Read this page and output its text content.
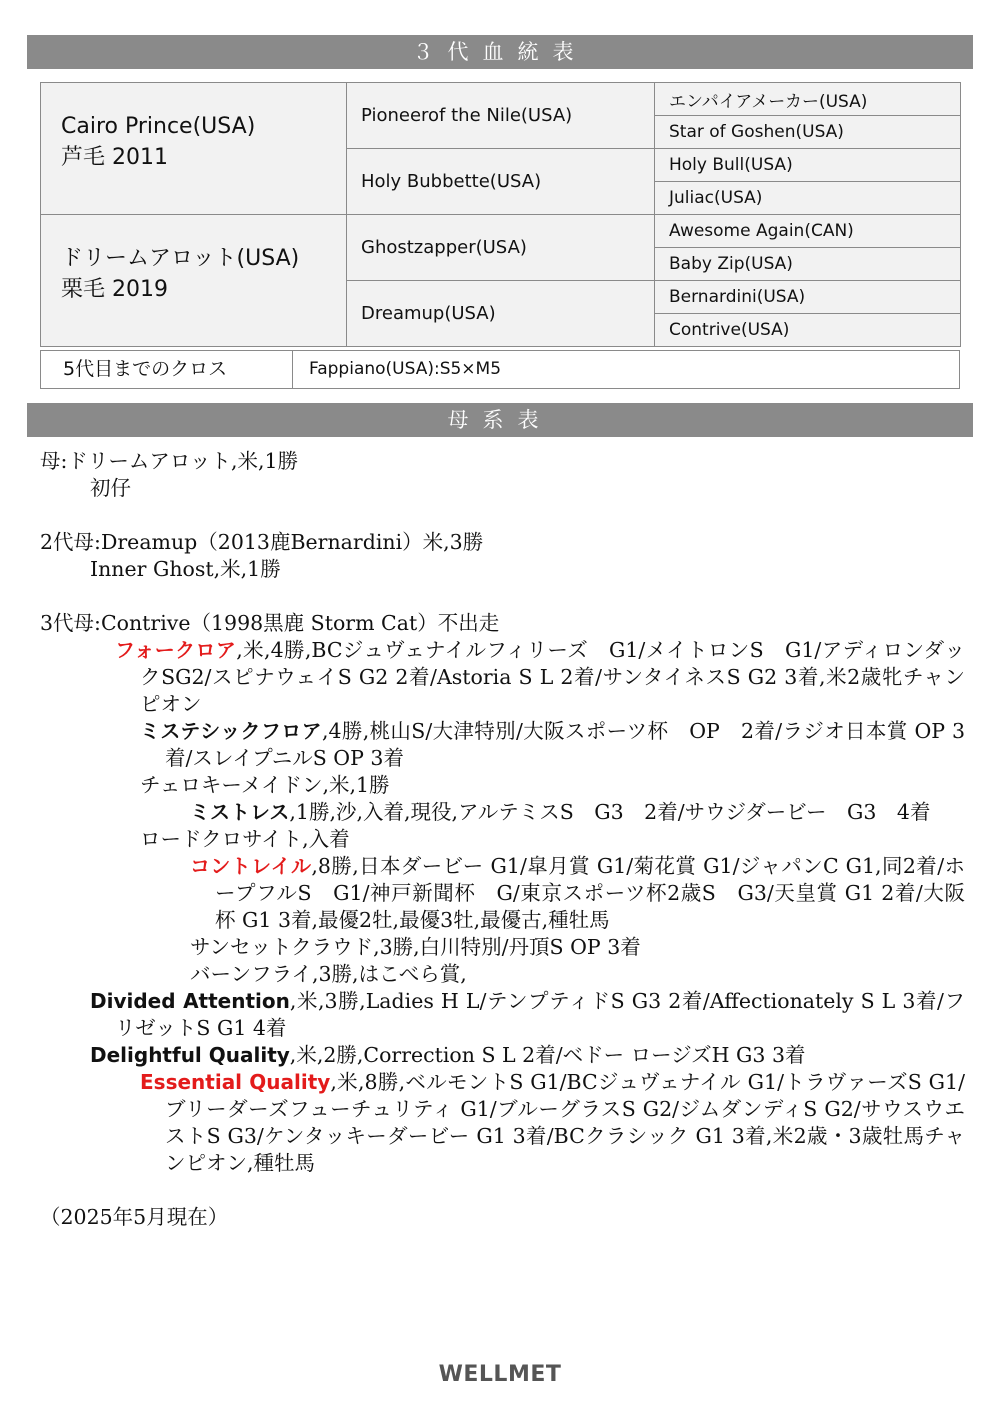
３代血統表
Cairo Prince(USA)
芦毛 2011	Pioneerof the Nile(USA)	エンパイアメーカー(USA)
		Star of Goshen(USA)
	Holy Bubbette(USA)	Holy Bull(USA)
		Juliac(USA)

ドリームアロット(USA)
栗毛 2019	Ghostzapper(USA)	Awesome Again(CAN)
		Baby Zip(USA)
	Dreamup(USA)	Bernardini(USA)
		Contrive(USA)
5代目までのクロス	Fappiano(USA):S5×M5
母系表
母:ドリームアロット,米,1勝
初仔
2代母:Dreamup（2013鹿Bernardini）米,3勝
Inner Ghost,米,1勝
3代母:Contrive（1998黒鹿 Storm Cat）不出走
フォークロア,米,4勝,BCジュヴェナイルフィリーズ　G1/メイトロンS　G1/アディロンダックSG2/スピナウェイS G2 2着/Astoria S L 2着/サンタイネスS G2 3着,米2歳牝チャンピオン
ミステシックフロア,4勝,桃山S/大津特別/大阪スポーツ杯　OP　2着/ラジオ日本賞 OP 3着/スレイプニルS OP 3着
チェロキーメイドン,米,1勝
ミストレス,1勝,沙,入着,現役,アルテミスS　G3　2着/サウジダービー　G3　4着
ロードクロサイト,入着
コントレイル,8勝,日本ダービー G1/皐月賞 G1/菊花賞 G1/ジャパンC G1,同2着/ホープフルS　G1/神戸新聞杯　G/東京スポーツ杯2歳S　G3/天皇賞 G1 2着/大阪杯 G1 3着,最優2牡,最優3牡,最優古,種牡馬
サンセットクラウド,3勝,白川特別/丹頂S OP 3着
バーンフライ,3勝,はこべら賞,
Divided Attention,米,3勝,Ladies H L/テンプティドS G3 2着/Affectionately S L 3着/フリゼットS G1 4着
Delightful Quality,米,2勝,Correction S L 2着/ベドー ロージズH G3 3着
Essential Quality,米,8勝,ベルモントS G1/BCジュヴェナイル G1/トラヴァーズS G1/ブリーダーズフューチュリティ G1/ブルーグラスS G2/ジムダンディS G2/サウスウエストS G3/ケンタッキーダービー G1 3着/BCクラシック G1 3着,米2歳・3歳牡馬チャンピオン,種牡馬
（2025年5月現在）
WELLMET
